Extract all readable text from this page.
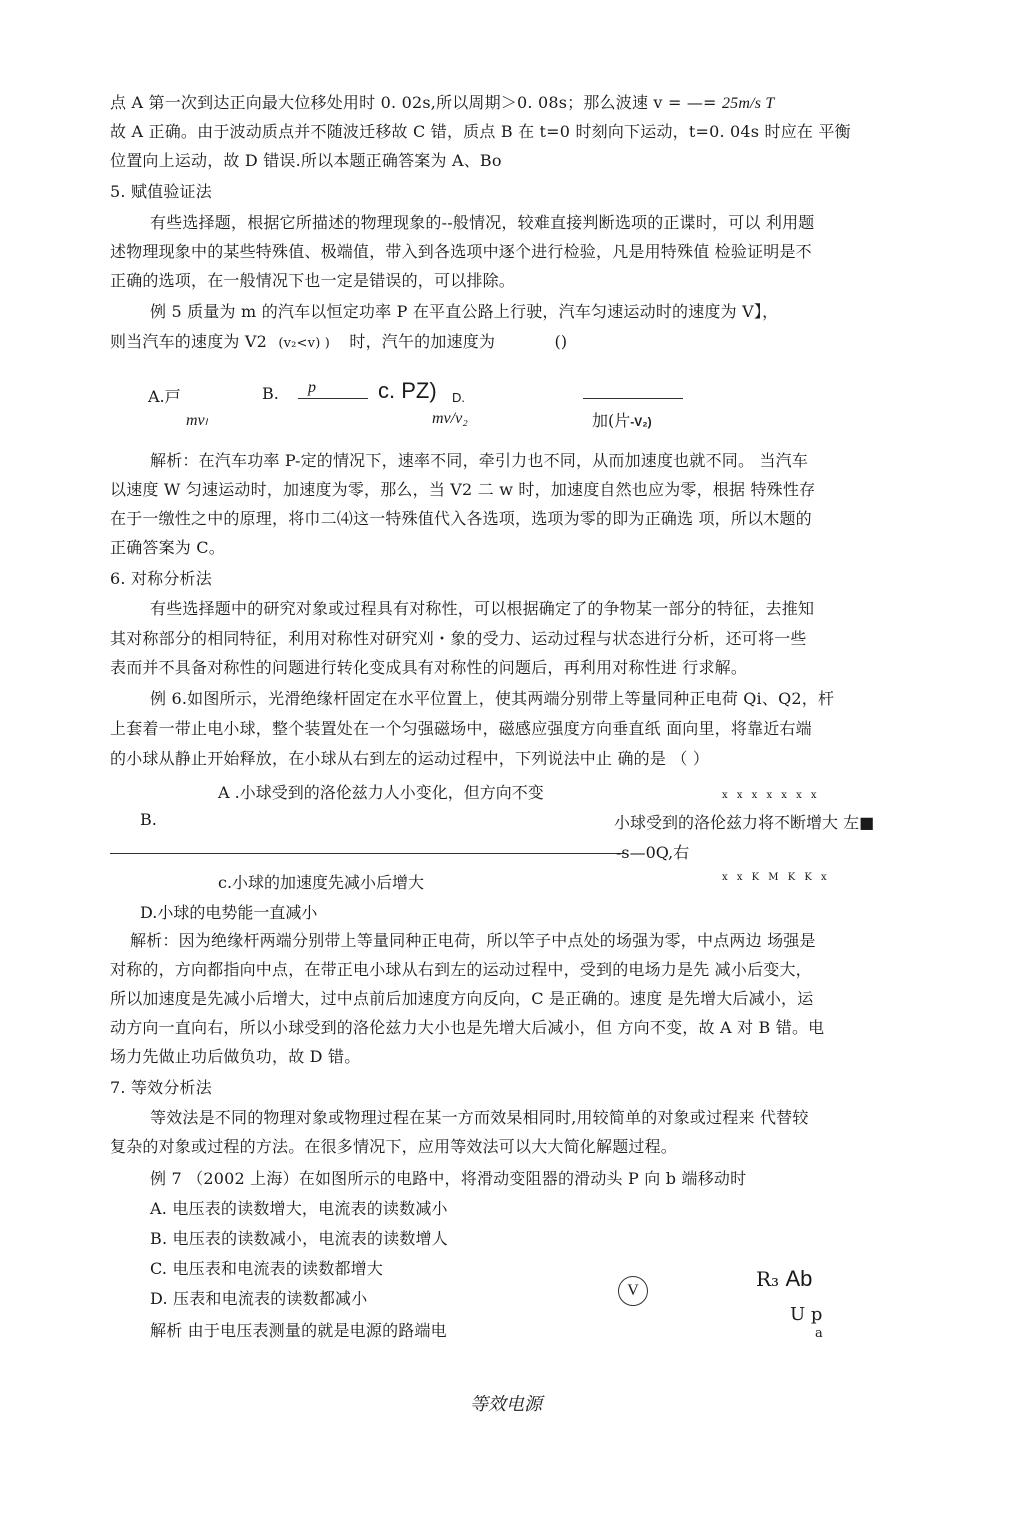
点 A 第一次到达正向最大位移处用时 0. 02s,所以周期＞0. 08s；那么波速 v = —= 25m/s T
故 A 正确。由于波动质点并不随波迁移故 C 错，质点 B 在 t=0 时刻向下运动，t=0. 04s 时应在 平衡
位置向上运动，故 D 错误.所以本题正确答案为 A、Bo
5. 赋值验证法
有些选择题，根据它所描述的物理现象的--般情况，较难直接判断选项的正谍时，可以 利用题
述物理现象中的某些特殊值、极端值，带入到各选项中逐个进行检验，凡是用特殊值 检验证明是不
正确的选项，在一般情况下也一定是错误的，可以排除。
例 5 质量为 m 的汽车以恒定功率 P 在平直公路上行驶，汽车匀速运动时的速度为 V】，
则当汽车的速度为 V2 (v₂<v) ) 时，汽午的加速度为	()
A.戸	B. p	c. PZ) D.
mvₗ	mv/v₂	加(片-V₂)
解析：在汽车功率 P-定的情况下，速率不同，牵引力也不同，从而加速度也就不同。 当汽车
以速度 W 匀速运动时，加速度为零，那么，当 V2 二 w 时，加速度自然也应为零，根据 特殊性存
在于一缴性之中的原理，将巾二⑷这一特殊值代入各选项，选项为零的即为正确选 项，所以木题的
正确答案为 C。
6. 对称分析法
有些选择题中的研究对象或过程具有对称性，可以根据确定了的争物某一部分的特征，去推知
其对称部分的相同特征，利用对称性对研究刈・象的受力、运动过程与状态进行分析，还可将一些
表而并不具备对称性的问题进行转化变成具有对称性的问题后，再利用对称性进 行求解。
例 6.如图所示，光滑绝缘杆固定在水平位置上，使其两端分别带上等量同种正电荷 Qi、Q2，杆
上套着一带止电小球，整个装置处在一个匀强磁场中，磁感应强度方向垂直纸 面向里，将靠近右端
的小球从静止开始释放，在小球从右到左的运动过程中，下列说法中止 确的是 （ ）
A .小球受到的洛伦兹力人小变化，但方向不变	x x x x x x x
B.	小球受到的洛伦兹力将不断增大 左■
-s—0Q,右
c.小球的加速度先减小后增大	x x K M K K x
D.小球的电势能一直减小
解析：因为绝缘杆两端分别带上等量同种正电荷，所以竿子中点处的场强为零，中点两边 场强是
对称的，方向都指向中点，在带正电小球从右到左的运动过程中，受到的电场力是先 减小后变大，
所以加速度是先减小后增大，过中点前后加速度方向反向，C 是正确的。速度 是先增大后减小，运
动方向一直向右，所以小球受到的洛伦兹力大小也是先增大后减小，但 方向不变，故 A 对 B 错。电
场力先做止功后做负功，故 D 错。
7. 等效分析法
等效法是不同的物理对象或物理过程在某一方而效杲相同时,用较简单的对象或过程来 代替较
复杂的对象或过程的方法。在很多情况下，应用等效法可以大大简化解题过程。
例 7 （2002 上海）在如图所示的电路中，将滑动变阻器的滑动头 P 向 b 端移动时
A. 电压表的读数增大，电流表的读数减小
B. 电压表的读数减小，电流表的读数增人
C. 电压表和电流表的读数都增大
D. 压表和电流表的读数都减小
解析 由于电压表测量的就是电源的路端电
V	R₃ Ab
U p
a
等效电源
